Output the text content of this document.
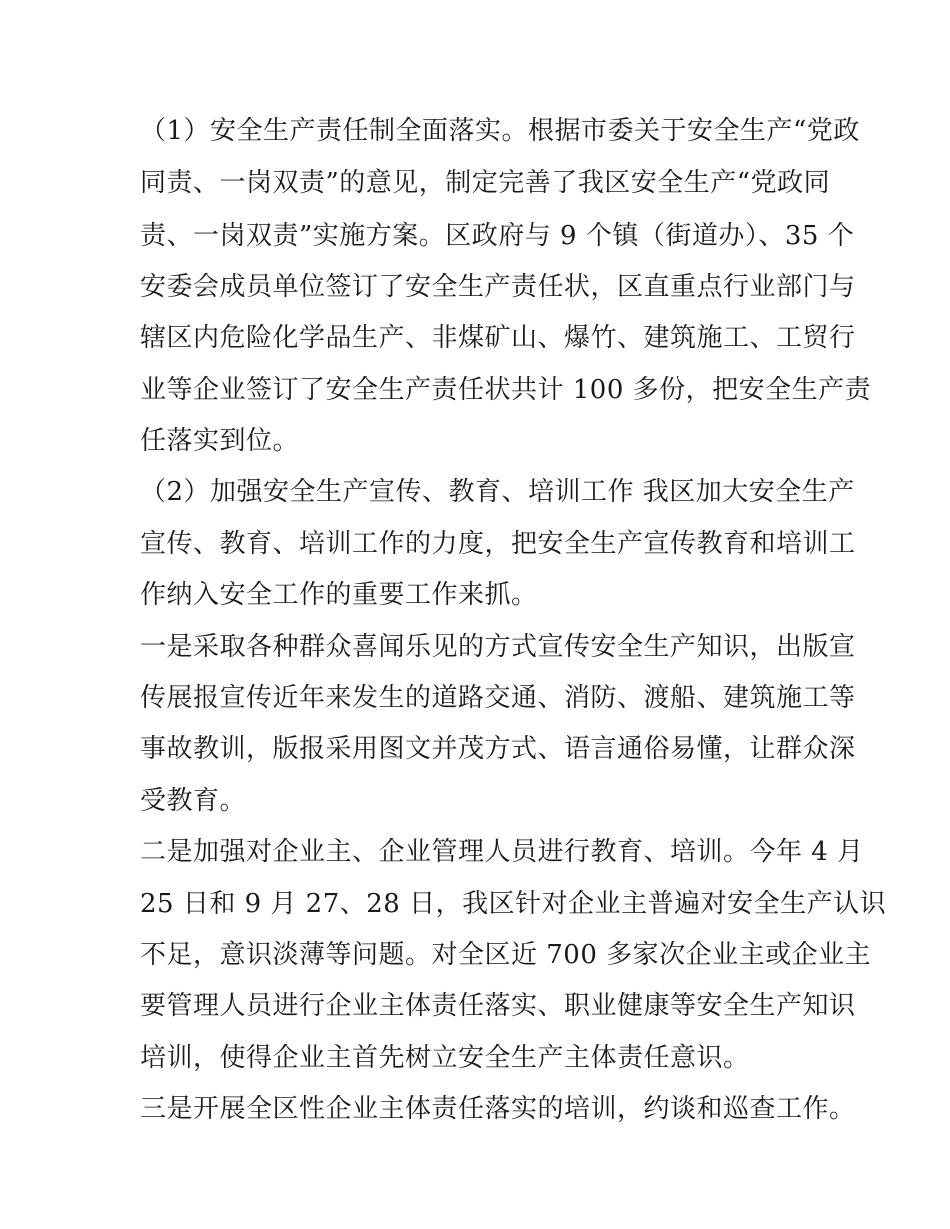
（1）安全生产责任制全面落实。根据市委关于安全生产“党政
同责、一岗双责”的意见，制定完善了我区安全生产“党政同
责、一岗双责”实施方案。区政府与 9 个镇（街道办）、35 个
安委会成员单位签订了安全生产责任状，区直重点行业部门与
辖区内危险化学品生产、非煤矿山、爆竹、建筑施工、工贸行
业等企业签订了安全生产责任状共计 100 多份，把安全生产责
任落实到位。
（2）加强安全生产宣传、教育、培训工作 我区加大安全生产
宣传、教育、培训工作的力度，把安全生产宣传教育和培训工
作纳入安全工作的重要工作来抓。
一是采取各种群众喜闻乐见的方式宣传安全生产知识，出版宣
传展报宣传近年来发生的道路交通、消防、渡船、建筑施工等
事故教训，版报采用图文并茂方式、语言通俗易懂，让群众深
受教育。
二是加强对企业主、企业管理人员进行教育、培训。今年 4 月
25 日和 9 月 27、28 日，我区针对企业主普遍对安全生产认识
不足，意识淡薄等问题。对全区近 700 多家次企业主或企业主
要管理人员进行企业主体责任落实、职业健康等安全生产知识
培训，使得企业主首先树立安全生产主体责任意识。
三是开展全区性企业主体责任落实的培训，约谈和巡查工作。
